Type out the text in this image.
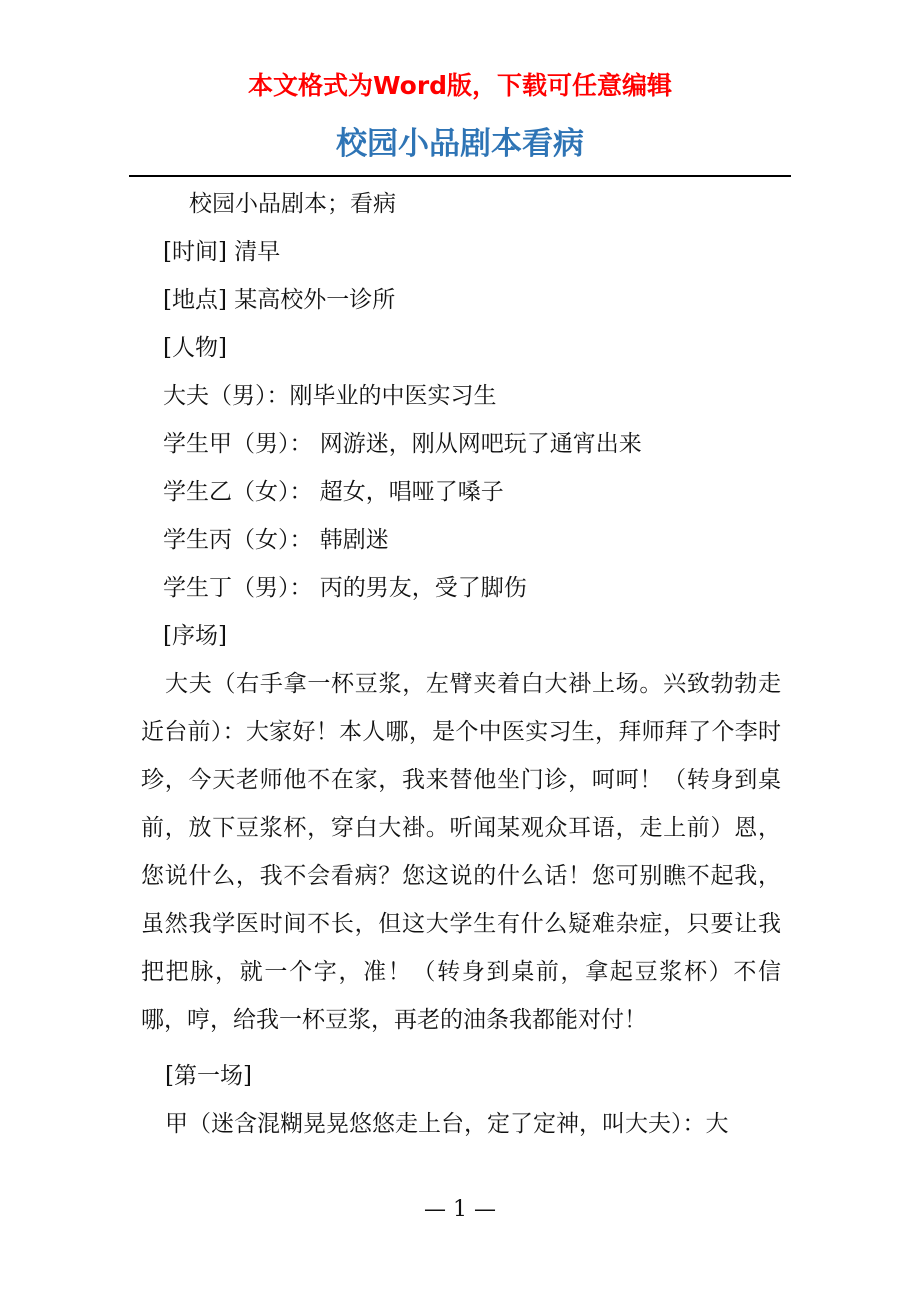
本文格式为Word版，下载可任意编辑
校园小品剧本看病

校园小品剧本；看病

[时间] 清早

[地点] 某高校外一诊所

[人物]

大夫（男）：刚毕业的中医实习生

学生甲（男）： 网游迷，刚从网吧玩了通宵出来

学生乙（女）： 超女，唱哑了嗓子

学生丙（女）： 韩剧迷

学生丁（男）： 丙的男友，受了脚伤

[序场]

大夫（右手拿一杯豆浆，左臂夹着白大褂上场。兴致勃勃走近台前）：大家好！本人哪，是个中医实习生，拜师拜了个李时珍，今天老师他不在家，我来替他坐门诊，呵呵！（转身到桌前，放下豆浆杯，穿白大褂。听闻某观众耳语，走上前）恩，您说什么，我不会看病？您这说的什么话！您可别瞧不起我，虽然我学医时间不长，但这大学生有什么疑难杂症，只要让我把把脉，就一个字，准！（转身到桌前，拿起豆浆杯）不信哪，哼，给我一杯豆浆，再老的油条我都能对付！

[第一场]

甲（迷含混糊晃晃悠悠走上台，定了定神，叫大夫）：大

— 1 —
